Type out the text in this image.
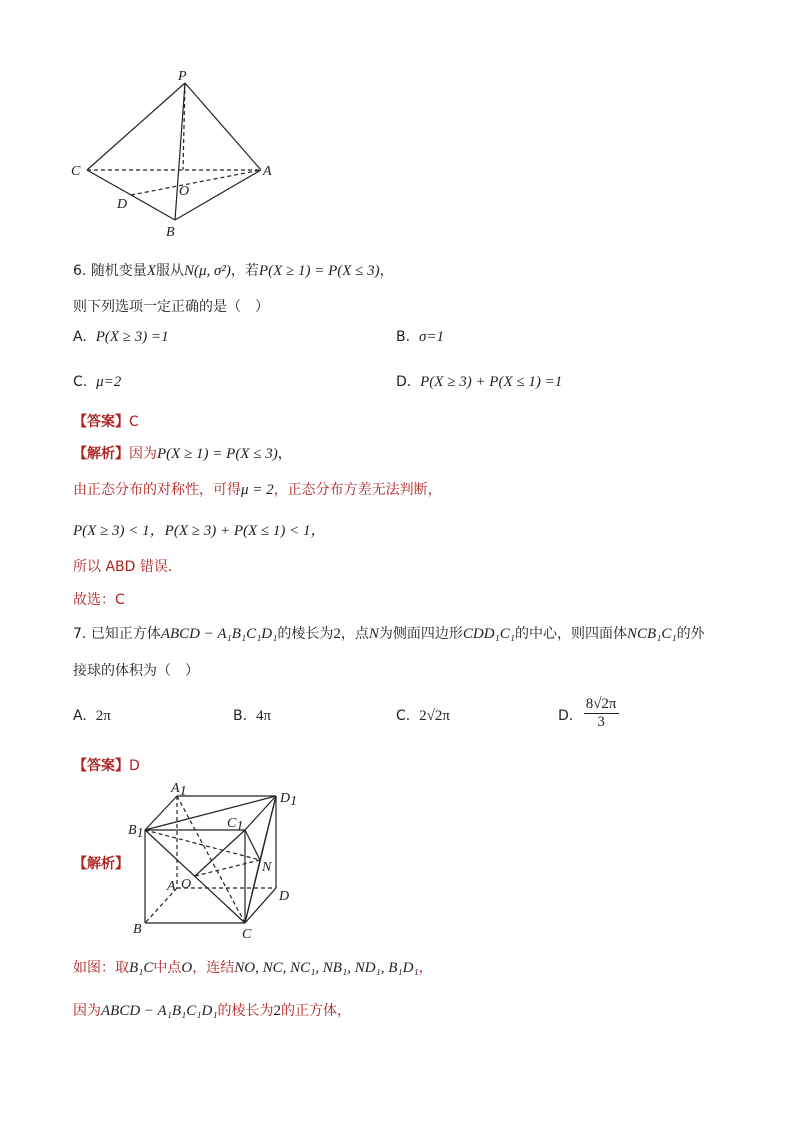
P
C	A
O
D
B
6. 随机变量X服从N(μ, σ²)，若P(X ≥ 1) = P(X ≤ 3)，
则下列选项一定正确的是（　）
A. P(X ≥ 3) =1	B. σ=1
C. μ=2	D. P(X ≥ 3) + P(X ≤ 1) =1
【答案】C
【解析】因为P(X ≥ 1) = P(X ≤ 3)，
由正态分布的对称性，可得μ = 2，正态分布方差无法判断，
P(X ≥ 3) < 1，P(X ≥ 3) + P(X ≤ 1) < 1，
所以 ABD 错误.
故选：C
7. 已知正方体ABCD − A₁B₁C₁D₁的棱长为2，点N为侧面四边形CDD₁C₁的中心，则四面体NCB₁C₁的外
接球的体积为（　）
A. 2π	B. 4π	C. 2√2π	D. $\frac{8√2\pi}{3}$
【答案】D
【解析】
A1	D1
B1
C1
N
A O
D
B	C
如图：取B₁C中点O，连结NO, NC, NC₁, NB₁, ND₁, B₁D₁，
因为ABCD − A₁B₁C₁D₁的棱长为2的正方体，
